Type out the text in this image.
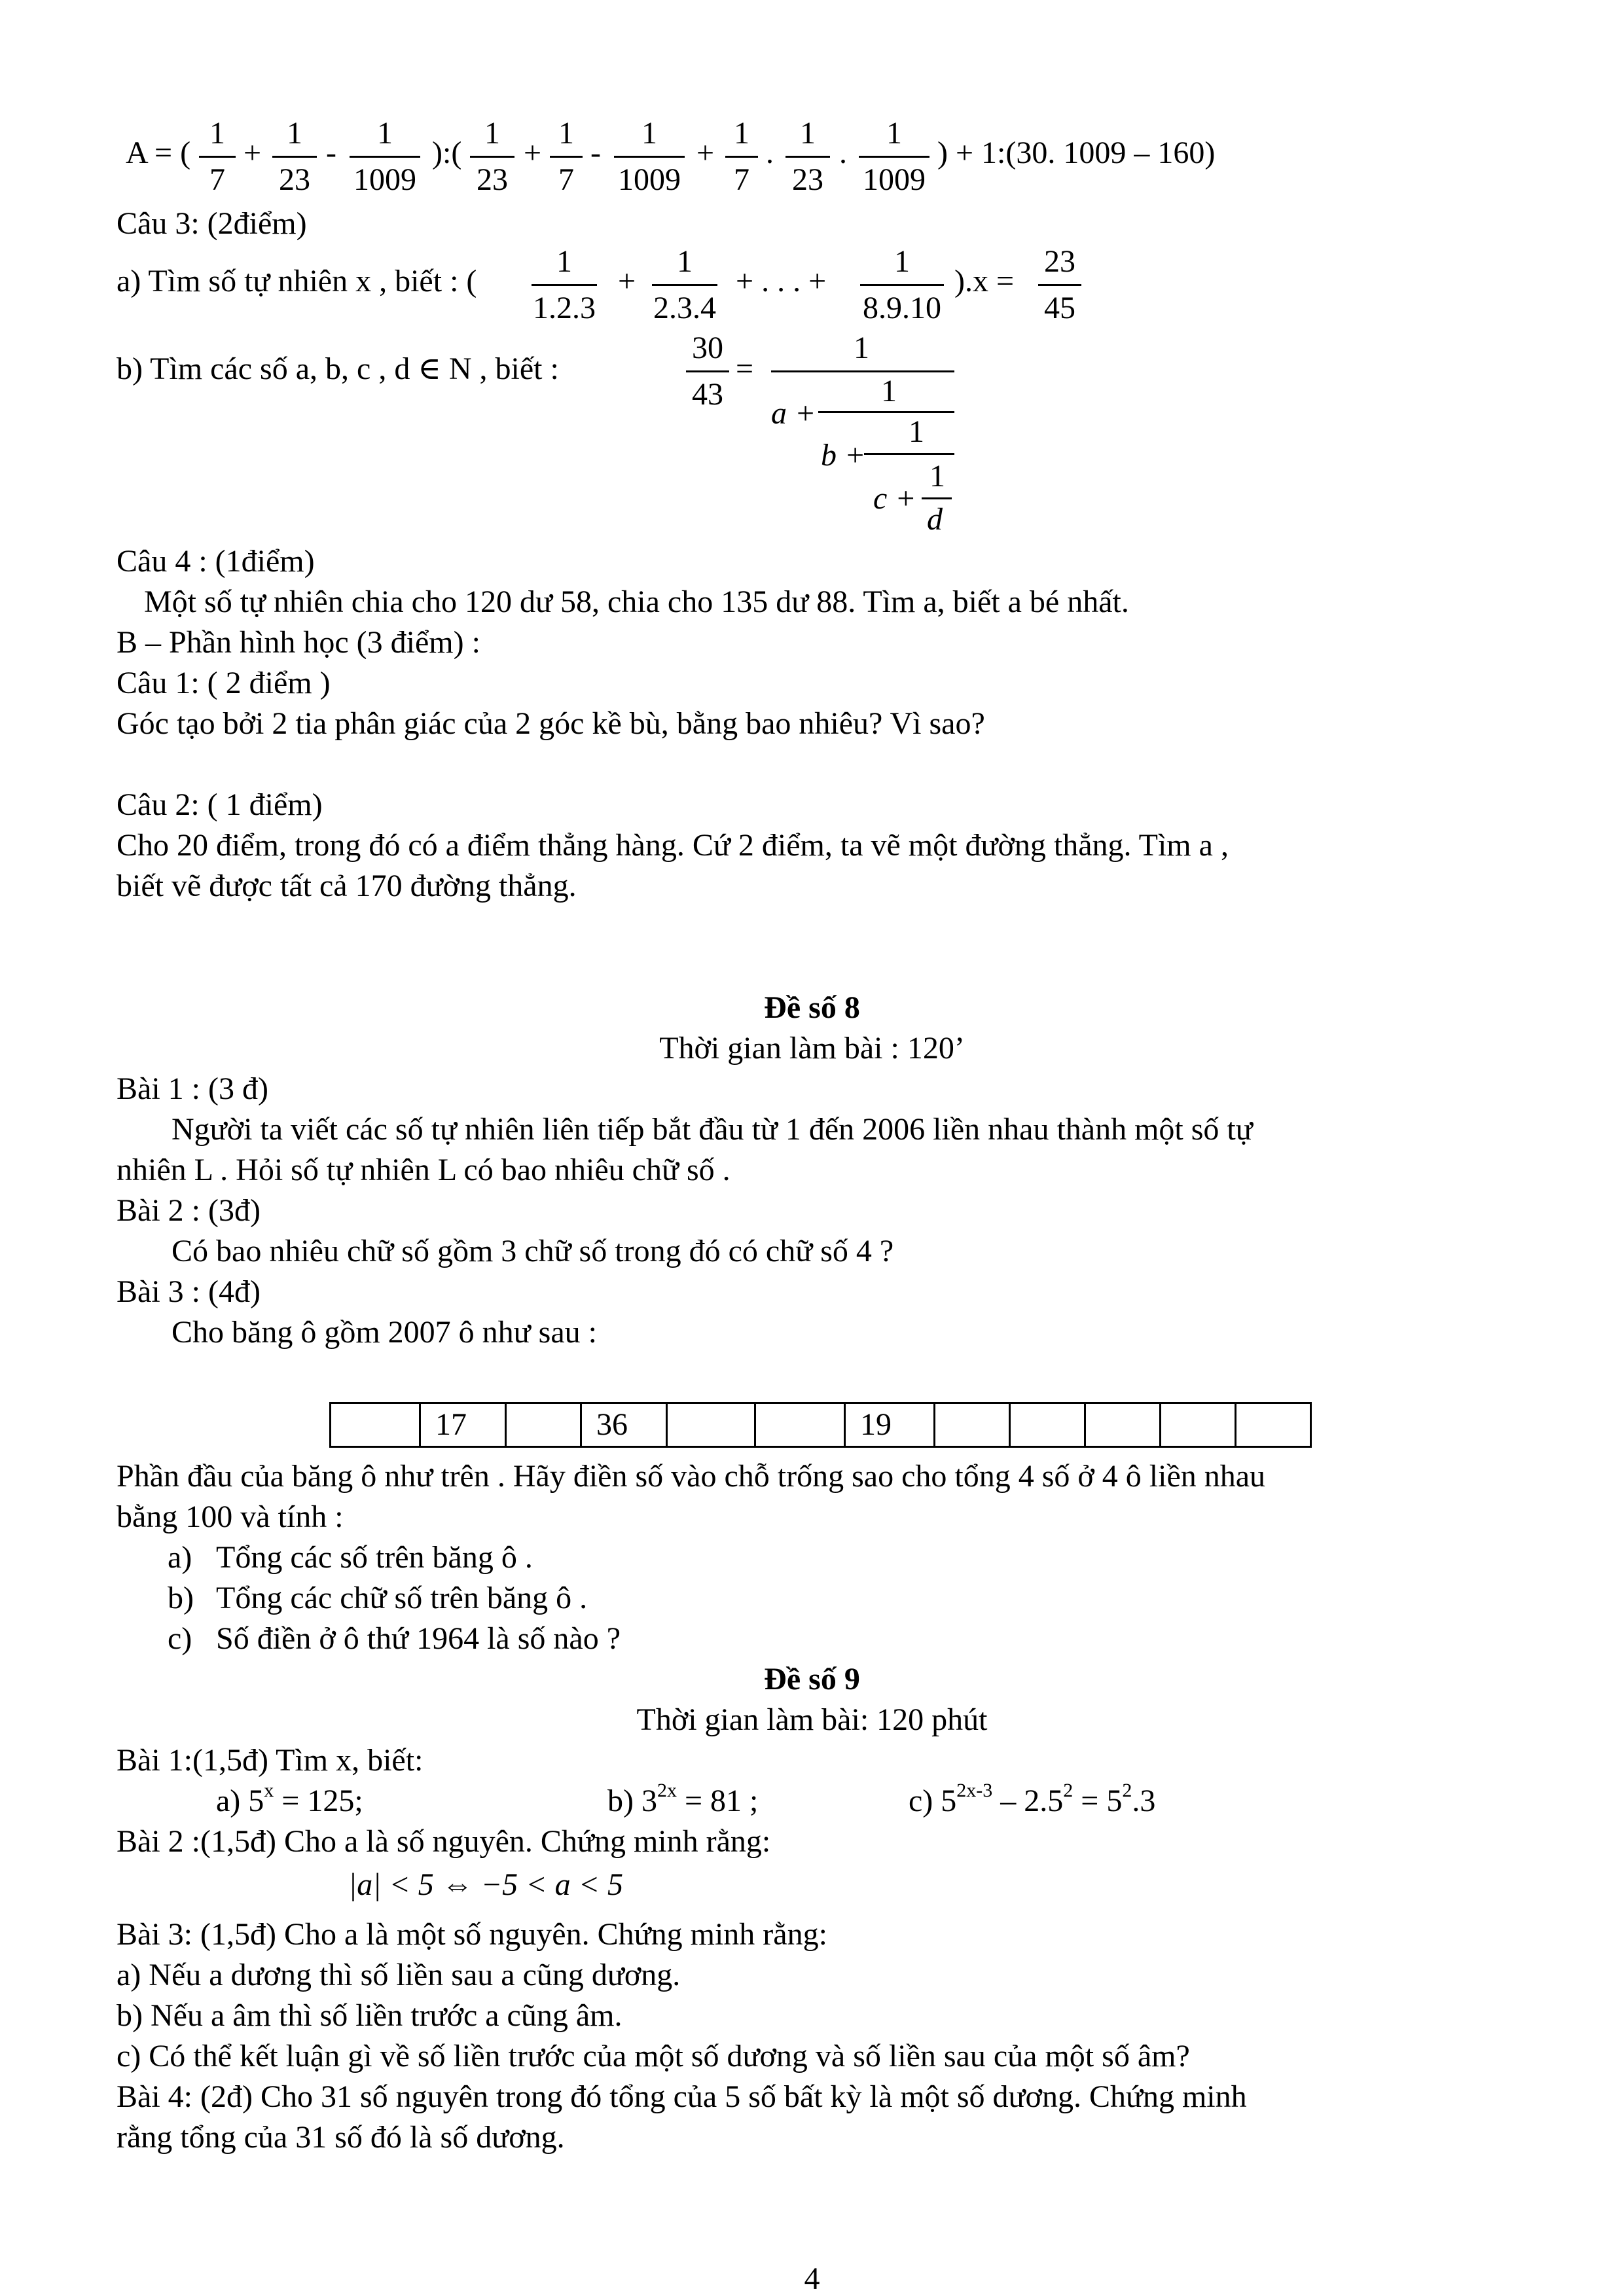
A = ( $\frac{1}{7} + \frac{1}{23} - \frac{1}{1009}$ ):( $\frac{1}{23} + \frac{1}{7} - \frac{1}{1009} + \frac{1}{7}$ . $\frac{1}{23}$ . $\frac{1}{1009}$ ) + 1:(30. 1009 – 160)
Câu 3: (2điểm)
a) Tìm số tự nhiên x , biết : ( $\frac{1}{1.2.3} + \frac{1}{2.3.4}$ + . . . + $\frac{1}{8.9.10} ).x = \frac{23}{45}$
b) Tìm các số a, b, c , d ∈ N , biết :	$\frac{30}{43}$ =
1
a +
1
b +
1
c +
1
d
Câu 4 : (1điểm)
Một số tự nhiên chia cho 120 dư 58, chia cho 135 dư 88. Tìm a, biết a bé nhất.
B – Phần hình học (3 điểm) :
Câu 1: ( 2 điểm )
Góc tạo bởi 2 tia phân giác của 2 góc kề bù, bằng bao nhiêu? Vì sao?
Câu 2: ( 1 điểm)
Cho 20 điểm, trong đó có a điểm thẳng hàng. Cứ 2 điểm, ta vẽ một đường thẳng. Tìm a ,
biết vẽ được tất cả 170 đường thẳng.
Đề số 8
Thời gian làm bài : 120’
Bài 1 : (3 đ)
Người ta viết các số tự nhiên liên tiếp bắt đầu từ 1 đến 2006 liền nhau thành một số tự
nhiên L . Hỏi số tự nhiên L có bao nhiêu chữ số .
Bài 2 : (3đ)
Có bao nhiêu chữ số gồm 3 chữ số trong đó có chữ số 4 ?
Bài 3 : (4đ)
Cho băng ô gồm 2007 ô như sau :
	17		36			19					
Phần đầu của băng ô như trên . Hãy điền số vào chỗ trống sao cho tổng 4 số ở 4 ô liền nhau
bằng 100 và tính :
a) Tổng các số trên băng ô .
b) Tổng các chữ số trên băng ô .
c) Số điền ở ô thứ 1964 là số nào ?
Đề số 9
Thời gian làm bài: 120 phút
Bài 1:(1,5đ) Tìm x, biết:
a) $5^x = 125$;	b) $3^{2x} = 81$ ;	c) $5^{2x-3} - 2.5^2 = 5^2.3$
Bài 2 :(1,5đ) Cho a là số nguyên. Chứng minh rằng:
|a| < 5 ⇔ −5 < a < 5
Bài 3: (1,5đ) Cho a là một số nguyên. Chứng minh rằng:
a) Nếu a dương thì số liền sau a cũng dương.
b) Nếu a âm thì số liền trước a cũng âm.
c) Có thể kết luận gì về số liền trước của một số dương và số liền sau của một số âm?
Bài 4: (2đ) Cho 31 số nguyên trong đó tổng của 5 số bất kỳ là một số dương. Chứng minh
rằng tổng của 31 số đó là số dương.
4
